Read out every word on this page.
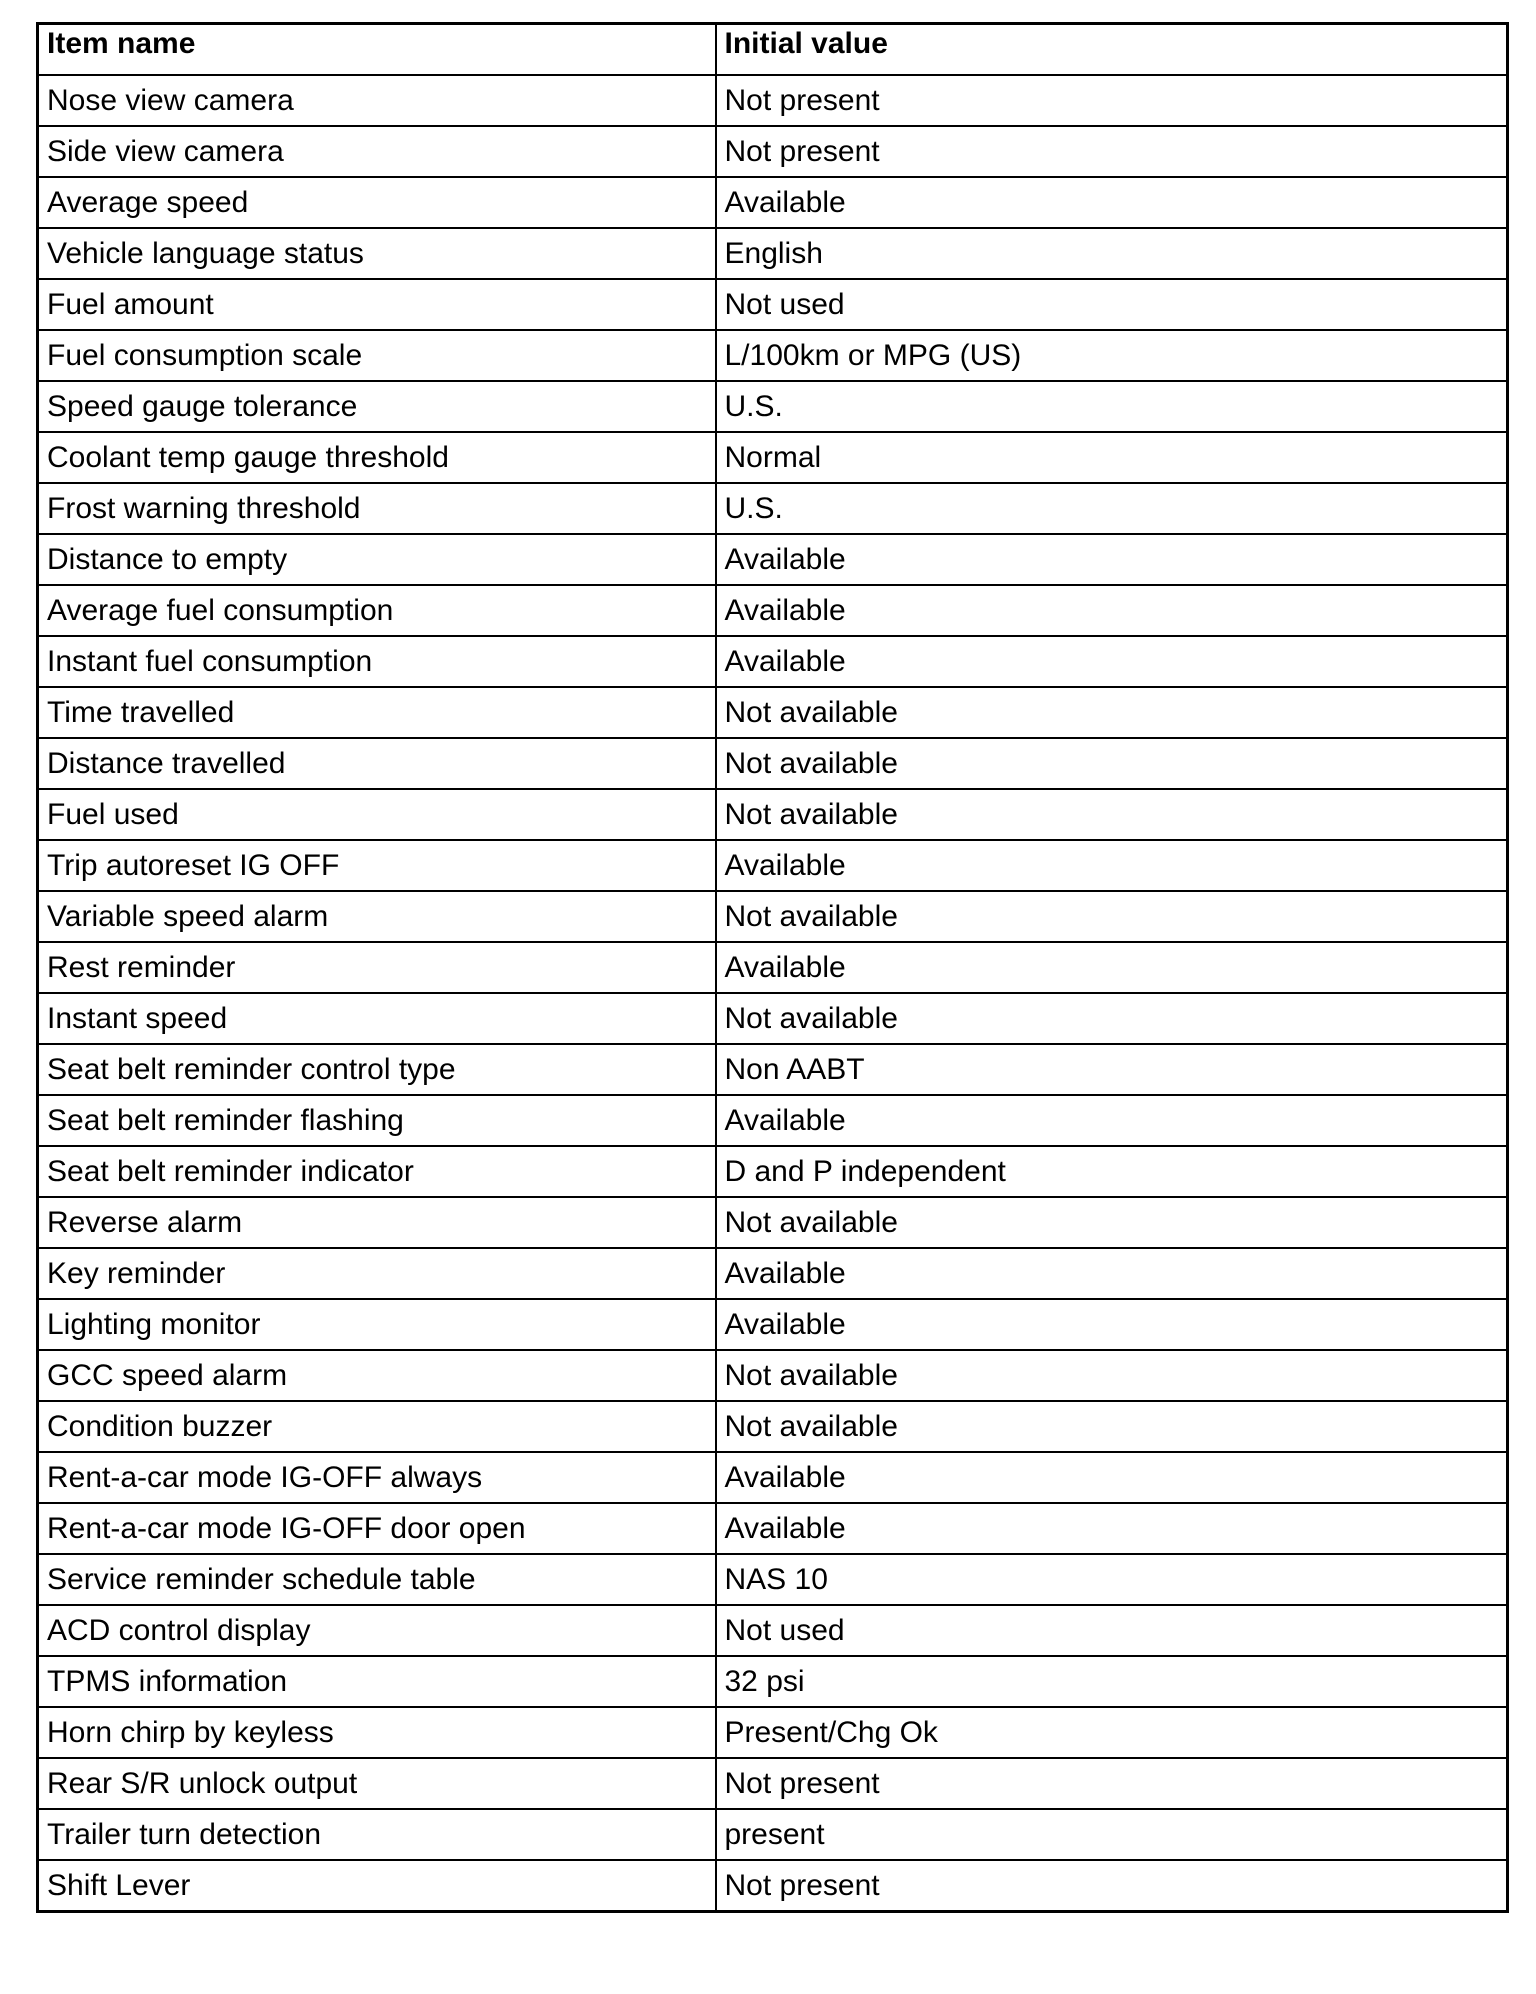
Item name	Initial value
Nose view camera	Not present
Side view camera	Not present
Average speed	Available
Vehicle language status	English
Fuel amount	Not used
Fuel consumption scale	L/100km or MPG (US)
Speed gauge tolerance	U.S.
Coolant temp gauge threshold	Normal
Frost warning threshold	U.S.
Distance to empty	Available
Average fuel consumption	Available
Instant fuel consumption	Available
Time travelled	Not available
Distance travelled	Not available
Fuel used	Not available
Trip autoreset IG OFF	Available
Variable speed alarm	Not available
Rest reminder	Available
Instant speed	Not available
Seat belt reminder control type	Non AABT
Seat belt reminder flashing	Available
Seat belt reminder indicator	D and P independent
Reverse alarm	Not available
Key reminder	Available
Lighting monitor	Available
GCC speed alarm	Not available
Condition buzzer	Not available
Rent-a-car mode IG-OFF always	Available
Rent-a-car mode IG-OFF door open	Available
Service reminder schedule table	NAS 10
ACD control display	Not used
TPMS information	32 psi
Horn chirp by keyless	Present/Chg Ok
Rear S/R unlock output	Not present
Trailer turn detection	present
Shift Lever	Not present
